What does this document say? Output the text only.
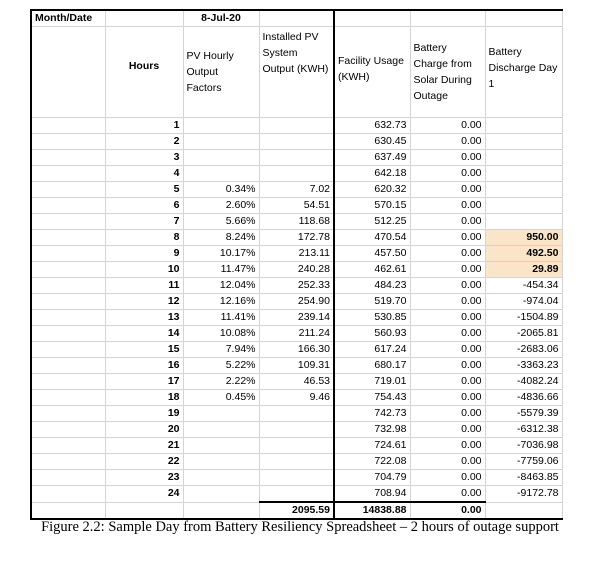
Month/Date		8-Jul-20				
	Hours	PV Hourly Output Factors	Installed PV System Output (KWH)	Facility Usage (KWH)	Battery Charge from Solar During Outage	Battery Discharge Day 1
	1			632.73	0.00	
	2			630.45	0.00	
	3			637.49	0.00	
	4			642.18	0.00	
	5	0.34%	7.02	620.32	0.00	
	6	2.60%	54.51	570.15	0.00	
	7	5.66%	118.68	512.25	0.00	
	8	8.24%	172.78	470.54	0.00	950.00
	9	10.17%	213.11	457.50	0.00	492.50
	10	11.47%	240.28	462.61	0.00	29.89
	11	12.04%	252.33	484.23	0.00	-454.34
	12	12.16%	254.90	519.70	0.00	-974.04
	13	11.41%	239.14	530.85	0.00	-1504.89
	14	10.08%	211.24	560.93	0.00	-2065.81
	15	7.94%	166.30	617.24	0.00	-2683.06
	16	5.22%	109.31	680.17	0.00	-3363.23
	17	2.22%	46.53	719.01	0.00	-4082.24
	18	0.45%	9.46	754.43	0.00	-4836.66
	19			742.73	0.00	-5579.39
	20			732.98	0.00	-6312.38
	21			724.61	0.00	-7036.98
	22			722.08	0.00	-7759.06
	23			704.79	0.00	-8463.85
	24			708.94	0.00	-9172.78
			2095.59	14838.88	0.00	
Figure 2.2: Sample Day from Battery Resiliency Spreadsheet – 2 hours of outage support
